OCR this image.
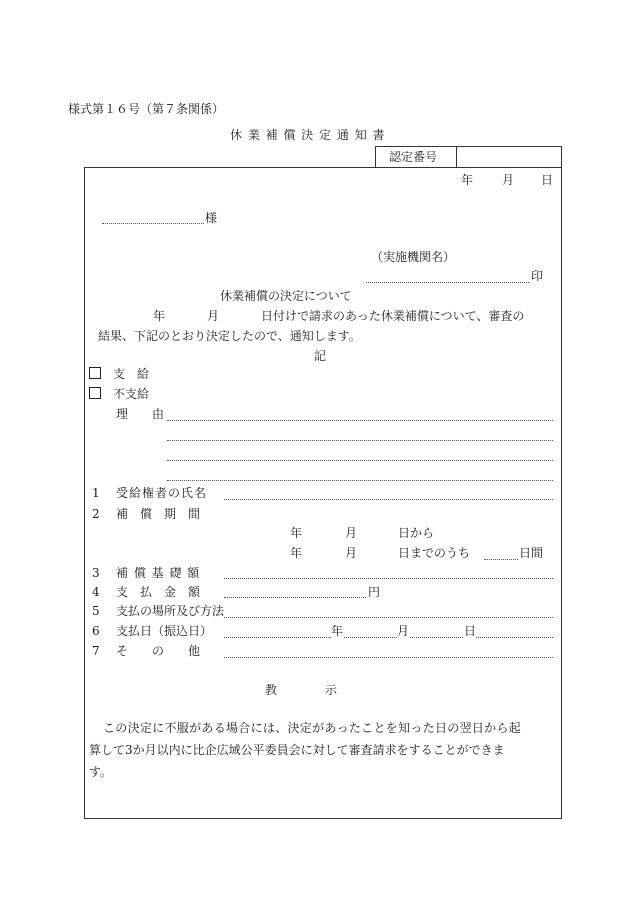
様式第１６号（第７条関係）
休 業 補 償 決 定 通 知 書
認定番号
年 月 日
様
（実施機関名）
印
休業補償の決定について
年	月	日付けで請求のあった休業補償について、審査の
結果、下記のとおり決定したので、通知します。
記
支　給
不支給
理　　由
1 受給権者の氏名
2 補　償　期　間
年	月	日から
年	月	日までのうち	日間
3 補 償 基 礎 額
4 支　払　金　額	円
5 支払の場所及び方法
6 支払日（振込日）	年	月	日
7 そ　　の　　他
教　　　　示
この決定に不服がある場合には、決定があったことを知った日の翌日から起
算して3か月以内に比企広域公平委員会に対して審査請求をすることができま
す。
